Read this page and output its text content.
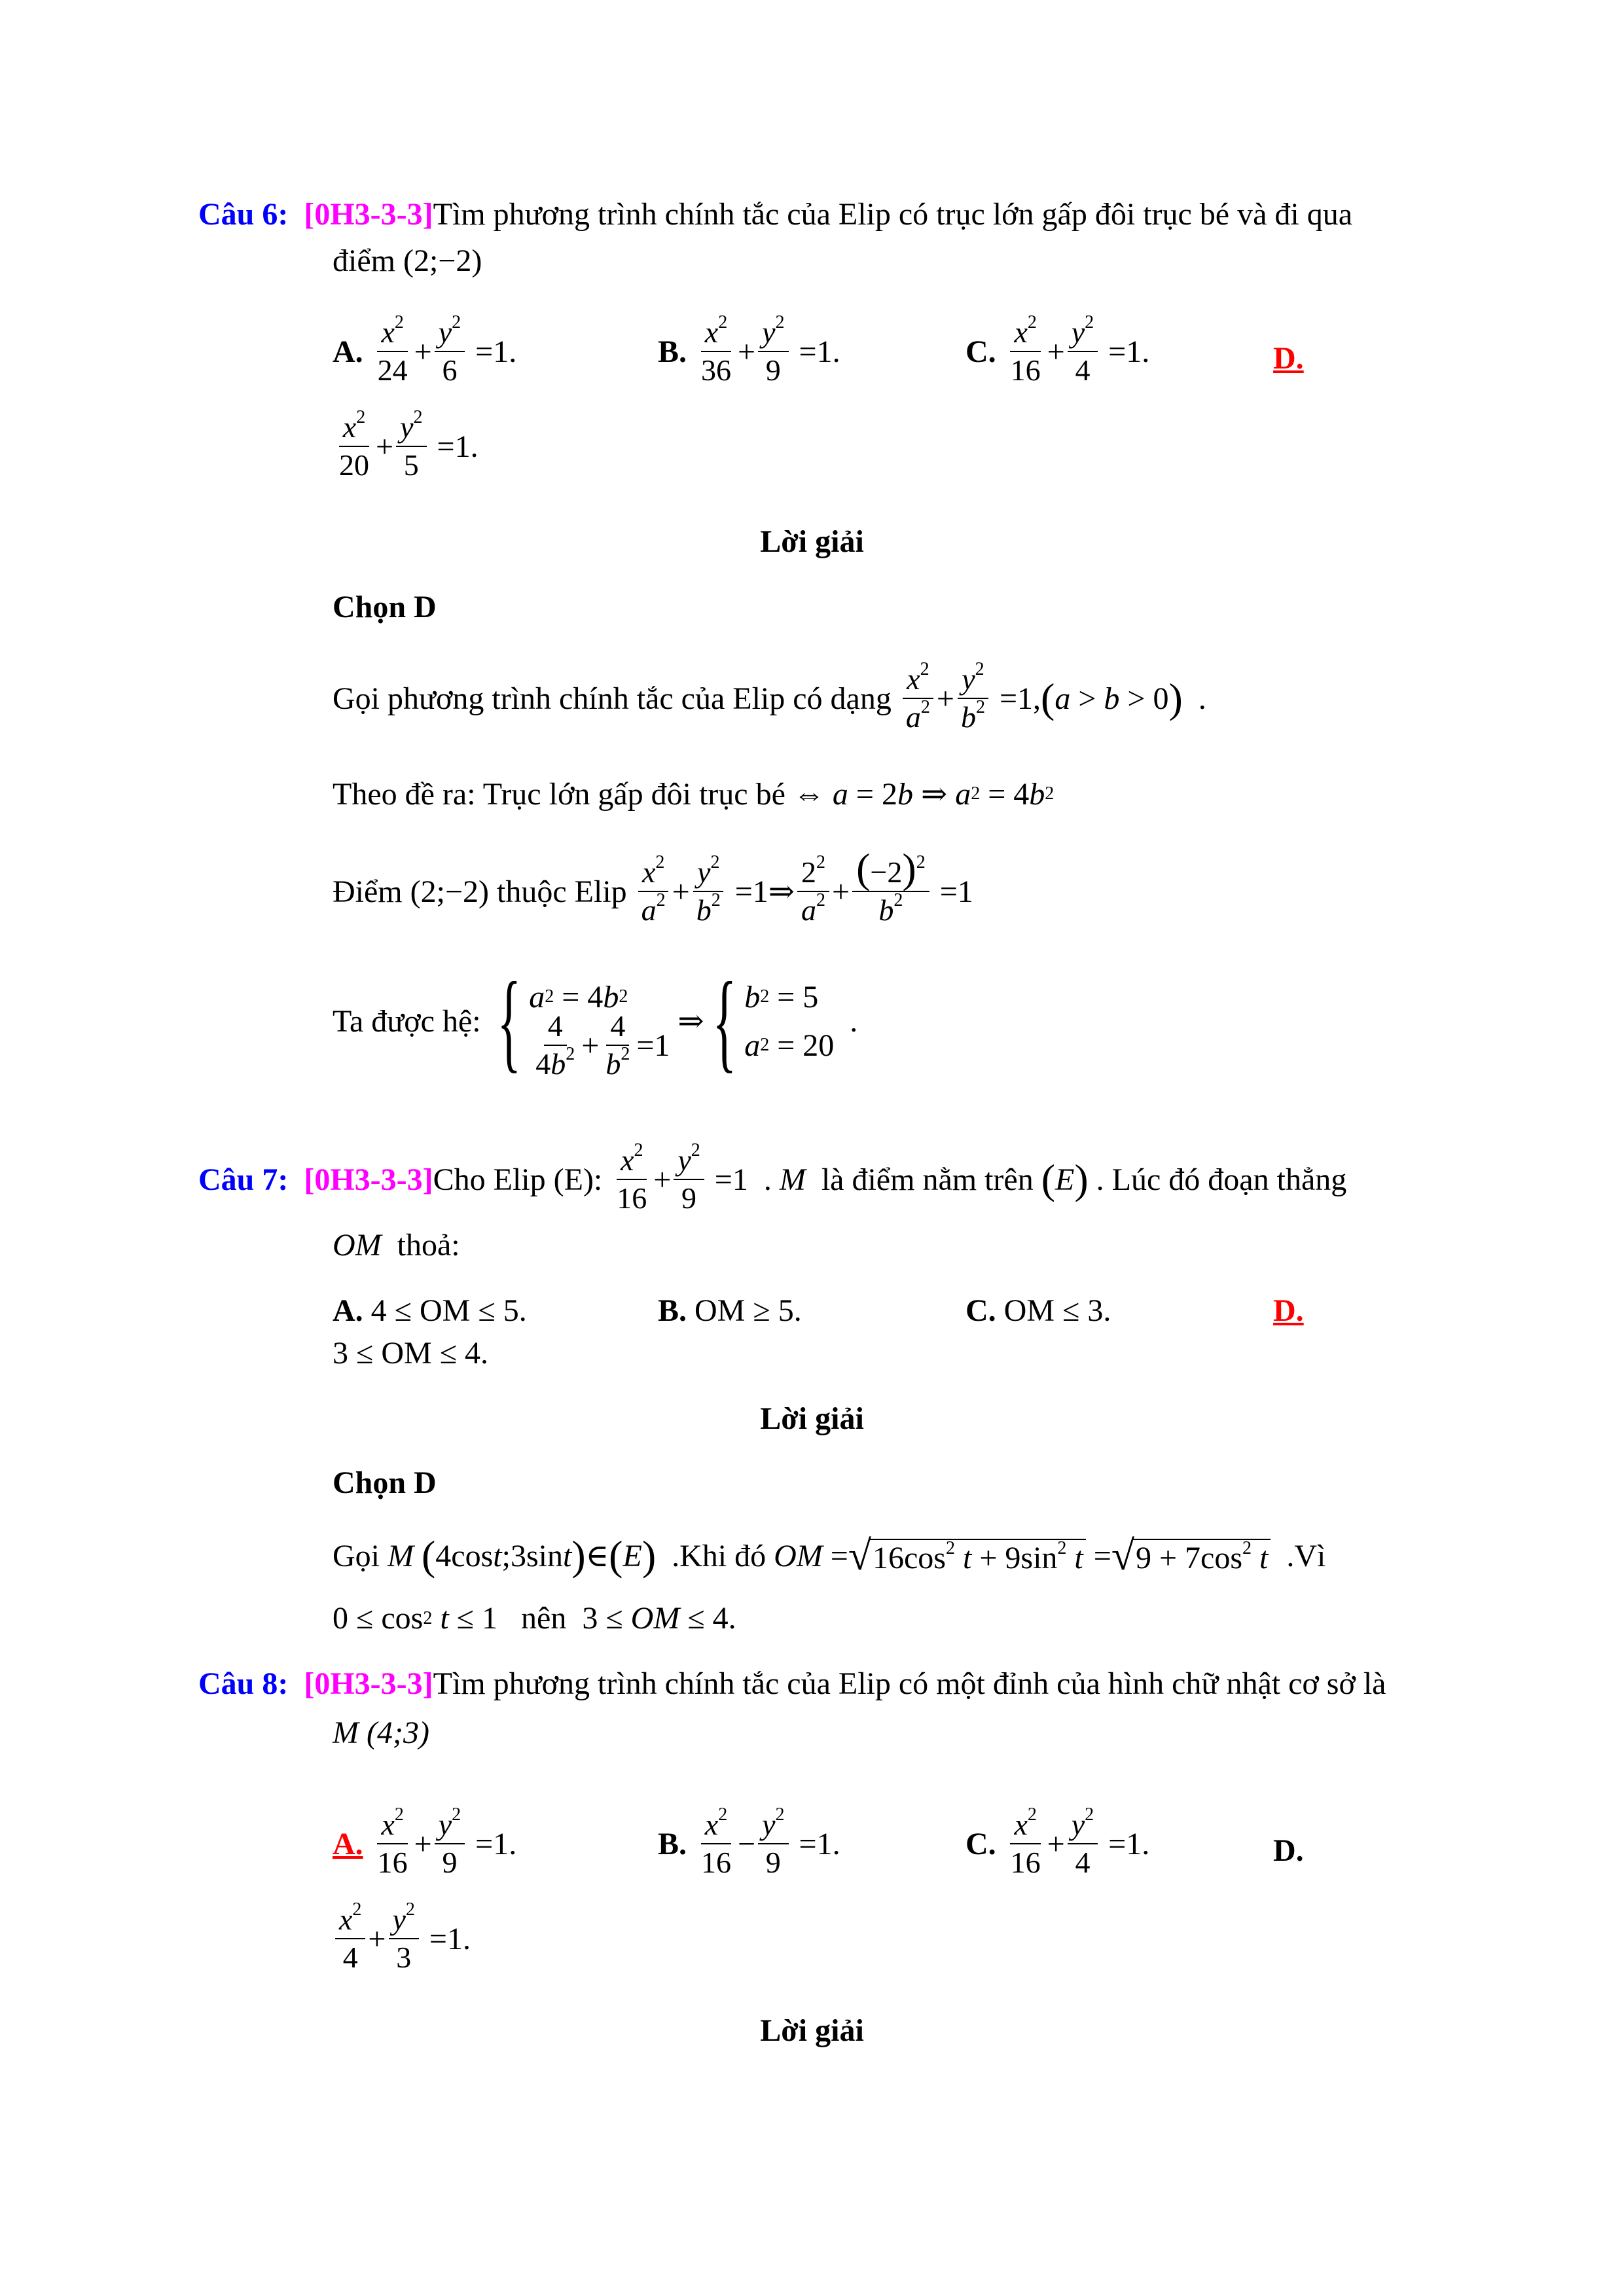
Câu 6: [0H3-3-3]Tìm phương trình chính tắc của Elip có trục lớn gấp đôi trục bé và đi qua
điểm (2;−2)
A. $\frac{x^2}{24} + \frac{y^2}{6} =1$.	B. $\frac{x^2}{36} + \frac{y^2}{9} =1$.	C. $\frac{x^2}{16} + \frac{y^2}{4} =1$.	D.
$\frac{x^2}{20} + \frac{y^2}{5} =1$.
Lời giải
Chọn D
Gọi phương trình chính tắc của Elip có dạng
$\frac{x^2}{a^2} + \frac{y^2}{b^2} =1$, ( a > b > 0 ) .
Theo đề ra: Trục lớn gấp đôi trục bé ⇔ a = 2 b ⇒ a 2 = 4 b 2
Điểm (2;−2) thuộc Elip
$\frac{x^2}{a^2} + \frac{y^2}{b^2}$ =1⇒ $\frac{2^2}{a^2} + \frac{(-2)^2}{b^2} =1$
Ta được hệ:
{ a 2 = 4 b 2
$\frac{4}{4b^2} + \frac{4}{b^2} =1$
⇒ { b 2 = 5
a 2 = 20
.
Câu 7:
[0H3-3-3] Cho Elip (E):
$\frac{x^2}{16} + \frac{y^2}{9} =1$  . M
là điểm nằm trên
( E )
. Lúc đó đoạn thẳng
OM thoả:
A. 4 ≤ OM ≤ 5.	B. OM ≥ 5.	C. OM ≤ 3.	D.
3 ≤ OM ≤ 4.
Lời giải
Chọn D
Gọi
M
( 4cos t ;3sin t ) ∈ ( E )
.Khi đó
OM = √ $16\cos^2$ $t + 9\sin^2$ t = √ $9 + 7\cos^2$ t
.Vì
0 ≤ cos 2
t ≤ 1 nên 3 ≤ OM ≤ 4.
Câu 8: [0H3-3-3]Tìm phương trình chính tắc của Elip có một đỉnh của hình chữ nhật cơ sở là
M (4;3)
A. $\frac{x^2}{16} + \frac{y^2}{9} =1$.	B. $\frac{x^2}{16} - \frac{y^2}{9} =1$.	C. $\frac{x^2}{16} + \frac{y^2}{4} =1$.	D.
$\frac{x^2}{4} + \frac{y^2}{3} =1$.
Lời giải
